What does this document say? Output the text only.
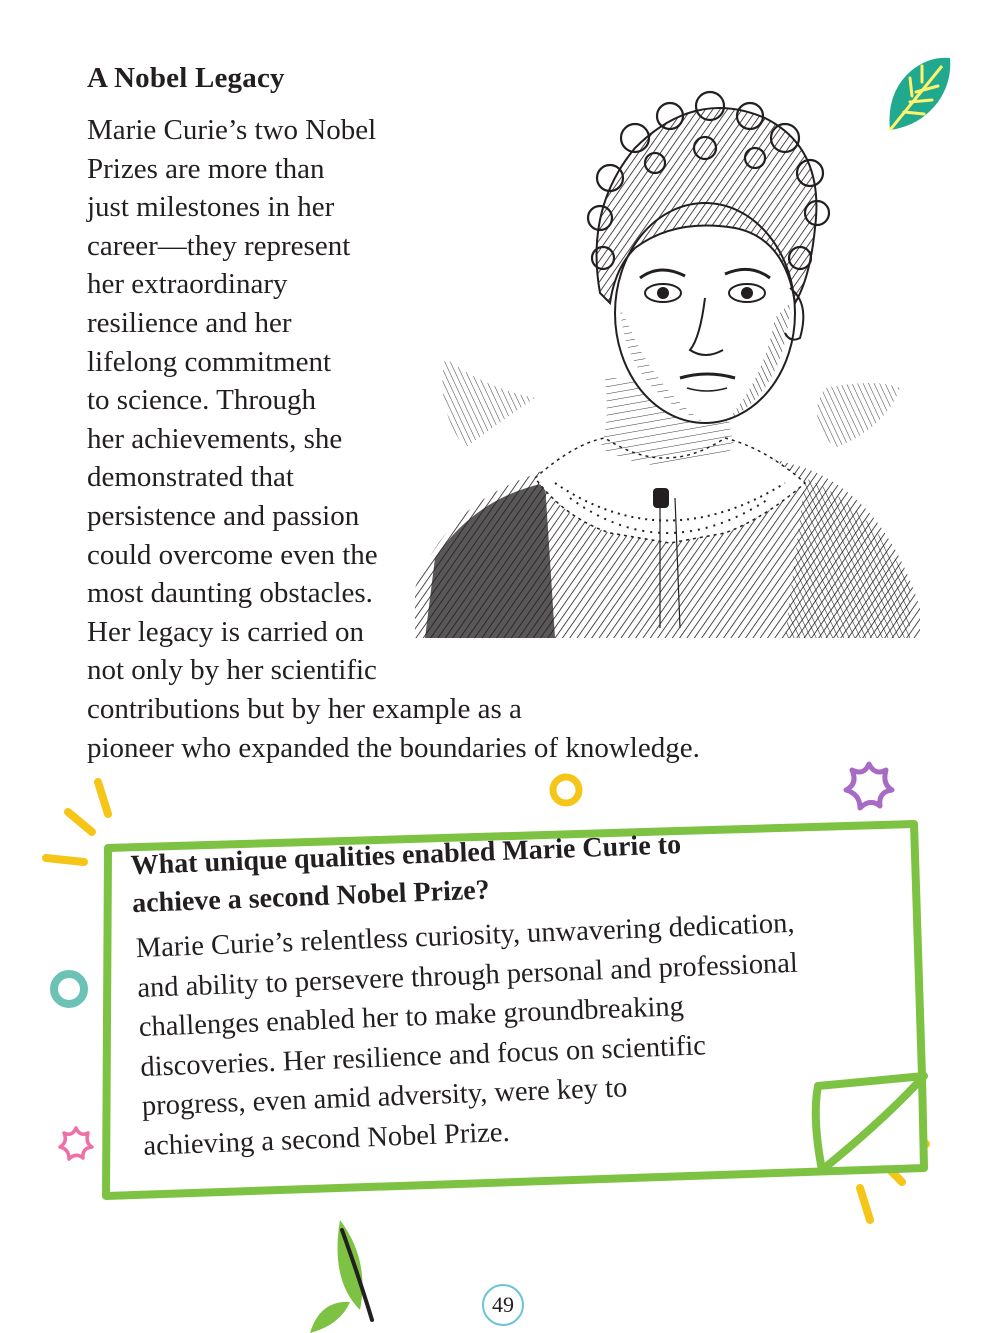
A Nobel Legacy
Marie Curie’s two Nobel
Prizes are more than
just milestones in her
career—they represent
her extraordinary
resilience and her
lifelong commitment
to science. Through
her achievements, she
demonstrated that
persistence and passion
could overcome even the
most daunting obstacles.
Her legacy is carried on
not only by her scientific contributions but by her example as a
pioneer who expanded the boundaries of knowledge.
What unique qualities enabled Marie Curie to
achieve a second Nobel Prize?
Marie Curie’s relentless curiosity, unwavering dedication,
and ability to persevere through personal and professional
challenges enabled her to make groundbreaking
discoveries. Her resilience and focus on scientific
progress, even amid adversity, were key to
achieving a second Nobel Prize.
49
